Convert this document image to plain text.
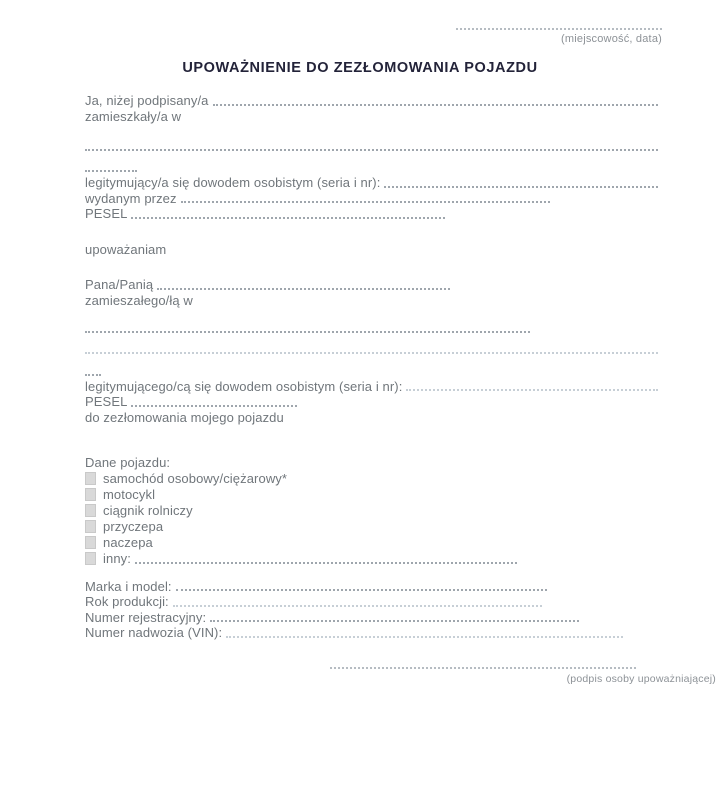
(miejscowość, data)
UPOWAŻNIENIE DO ZEZŁOMOWANIA POJAZDU
Ja, niżej podpisany/a
zamieszkały/a w
legitymujący/a się dowodem osobistym (seria i nr):
wydanym przez
PESEL
upoważaniam
Pana/Panią
zamieszałego/łą w
legitymującego/cą się dowodem osobistym (seria i nr):
PESEL
do zezłomowania mojego pojazdu
Dane pojazdu:
samochód osobowy/ciężarowy*
motocykl
ciągnik rolniczy
przyczepa
naczepa
inny:
Marka i model:
Rok produkcji:
Numer rejestracyjny:
Numer nadwozia (VIN):
(podpis osoby upoważniającej)
